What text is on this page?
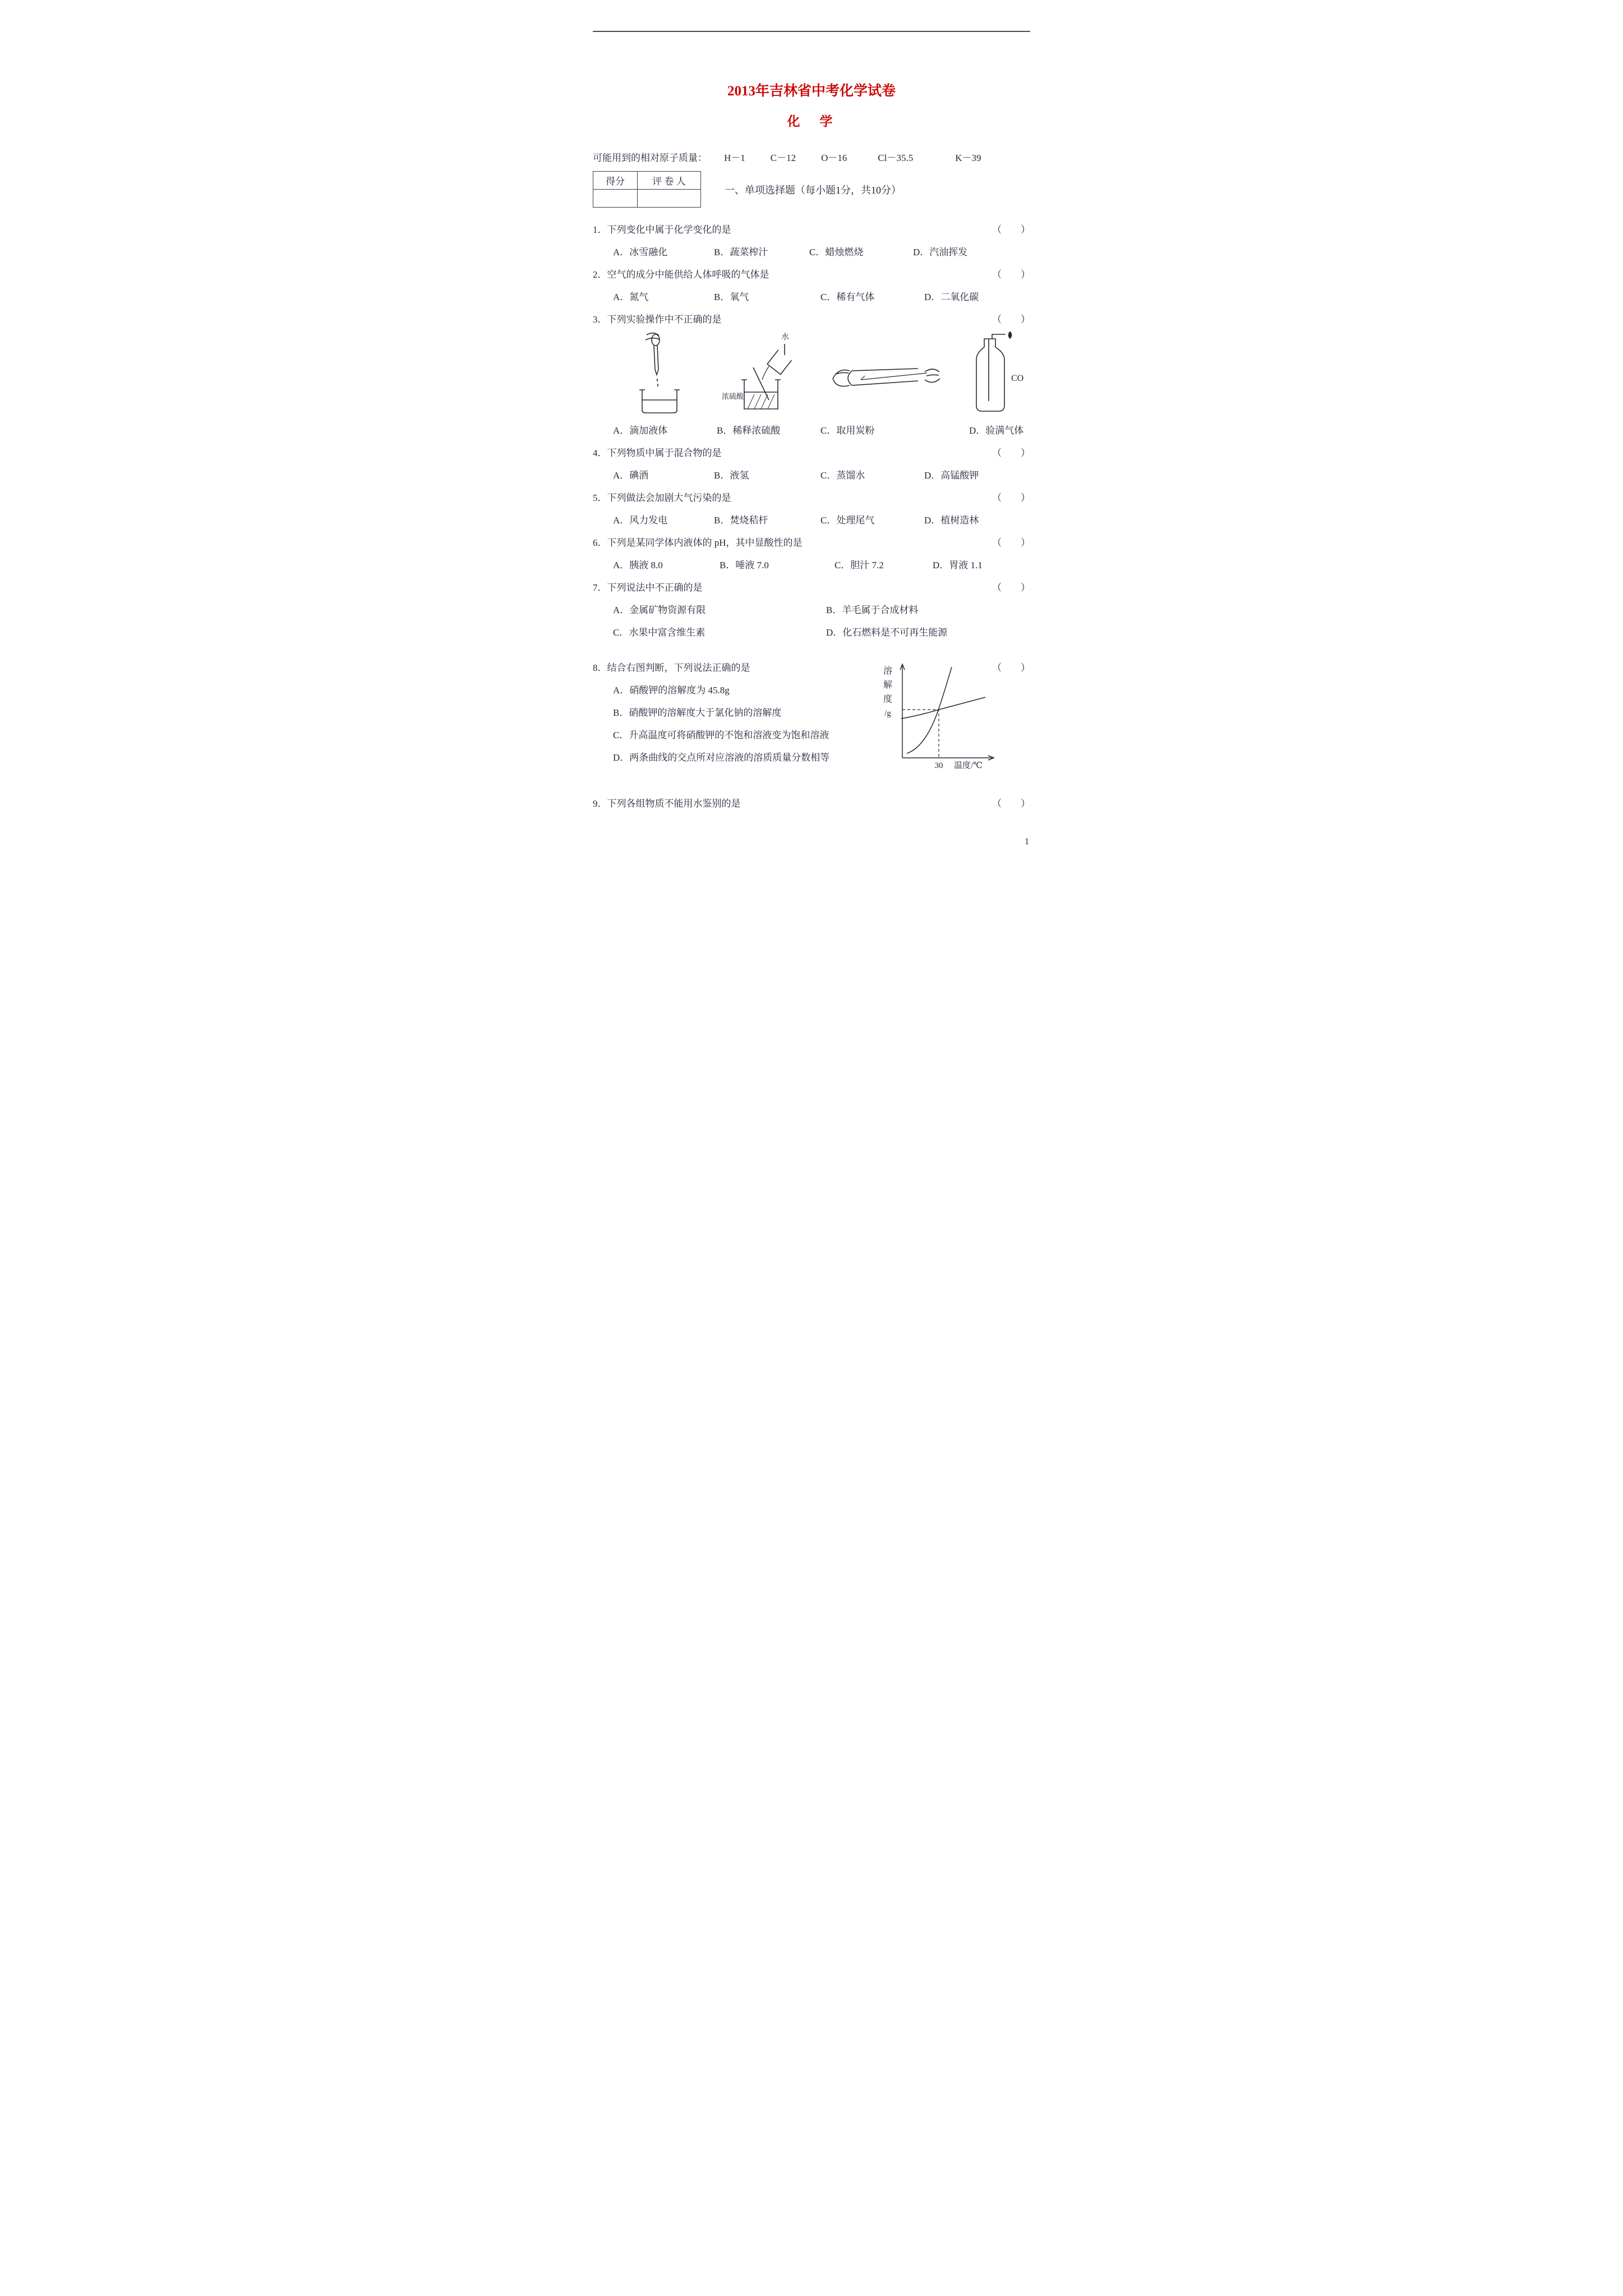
2013年吉林省中考化学试卷
化　学
可能用到的相对原子质量： H－1	C－12	O－16	Cl－35.5	K－39
得分	评 卷 人

一、单项选择题（每小题1分，共10分）
1．下列变化中属于化学变化的是	（　　）
A．冰雪融化	B．蔬菜榨汁	C．蜡烛燃烧	D．汽油挥发
2．空气的成分中能供给人体呼吸的气体是	（　　）
A．氮气	B．氧气	C．稀有气体	D．二氧化碳
3．下列实验操作中不正确的是	（　　）
水
浓硫酸
CO
A．滴加液体	B．稀释浓硫酸	C．取用炭粉	D．验满气体
4．下列物质中属于混合物的是	（　　）
A．碘酒	B．液氢	C．蒸馏水	D．高锰酸钾
5．下列做法会加剧大气污染的是	（　　）
A．风力发电	B．焚烧秸杆	C．处理尾气	D．植树造林
6．下列是某同学体内液体的 pH，其中显酸性的是	（　　）
A．胰液 8.0	B．唾液 7.0	C．胆汁 7.2	D．胃液 1.1
7．下列说法中不正确的是	（　　）
A．金属矿物资源有限	B．羊毛属于合成材料
C．水果中富含维生素	D．化石燃料是不可再生能源
8．结合右图判断，下列说法正确的是	（　　）
A．硝酸钾的溶解度为 45.8g
B．硝酸钾的溶解度大于氯化钠的溶解度
C．升高温度可将硝酸钾的不饱和溶液变为饱和溶液
D．两条曲线的交点所对应溶液的溶质质量分数相等
溶
解
度
/g
30 温度/℃
9．下列各组物质不能用水鉴别的是	（　　）
1
